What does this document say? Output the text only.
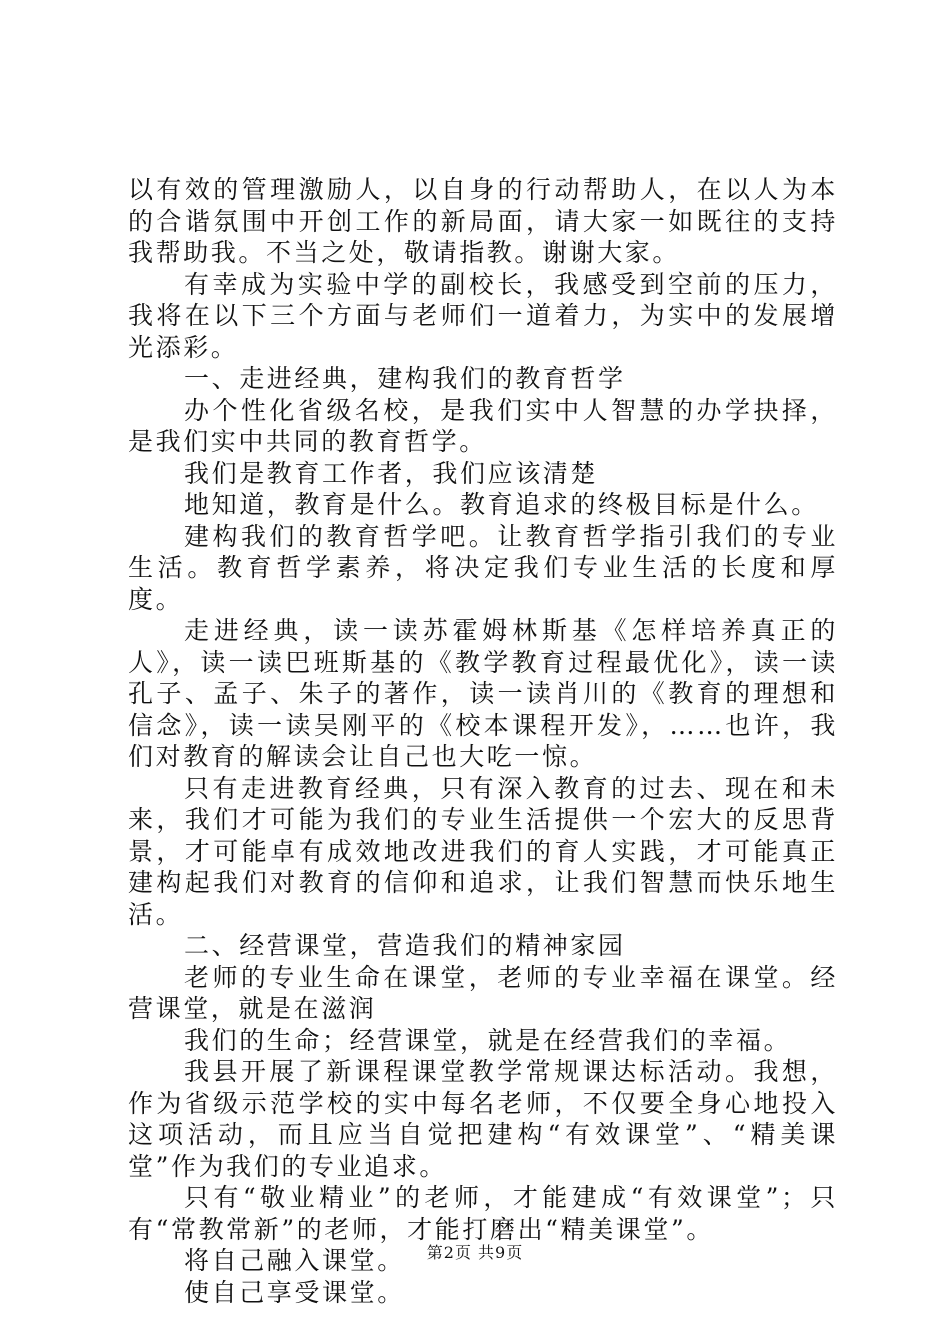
以有效的管理激励人，以自身的行动帮助人，在以人为本的合谐氛围中开创工作的新局面，请大家一如既往的支持我帮助我。不当之处，敬请指教。谢谢大家。

有幸成为实验中学的副校长，我感受到空前的压力，我将在以下三个方面与老师们一道着力，为实中的发展增光添彩。

一、走进经典，建构我们的教育哲学

办个性化省级名校，是我们实中人智慧的办学抉择，是我们实中共同的教育哲学。

我们是教育工作者，我们应该清楚

地知道，教育是什么。教育追求的终极目标是什么。

建构我们的教育哲学吧。让教育哲学指引我们的专业生活。教育哲学素养，将决定我们专业生活的长度和厚度。

走进经典，读一读苏霍姆林斯基《怎样培养真正的人》，读一读巴班斯基的《教学教育过程最优化》，读一读孔子、孟子、朱子的著作，读一读肖川的《教育的理想和信念》，读一读吴刚平的《校本课程开发》，……也许，我们对教育的解读会让自己也大吃一惊。

只有走进教育经典，只有深入教育的过去、现在和未来，我们才可能为我们的专业生活提供一个宏大的反思背景，才可能卓有成效地改进我们的育人实践，才可能真正建构起我们对教育的信仰和追求，让我们智慧而快乐地生活。

二、经营课堂，营造我们的精神家园

老师的专业生命在课堂，老师的专业幸福在课堂。经营课堂，就是在滋润

我们的生命；经营课堂，就是在经营我们的幸福。

我县开展了新课程课堂教学常规课达标活动。我想，作为省级示范学校的实中每名老师，不仅要全身心地投入这项活动，而且应当自觉把建构“有效课堂”、“精美课堂”作为我们的专业追求。

只有“敬业精业”的老师，才能建成“有效课堂”；只有“常教常新”的老师，才能打磨出“精美课堂”。

将自己融入课堂。

使自己享受课堂。

第2页 共9页
